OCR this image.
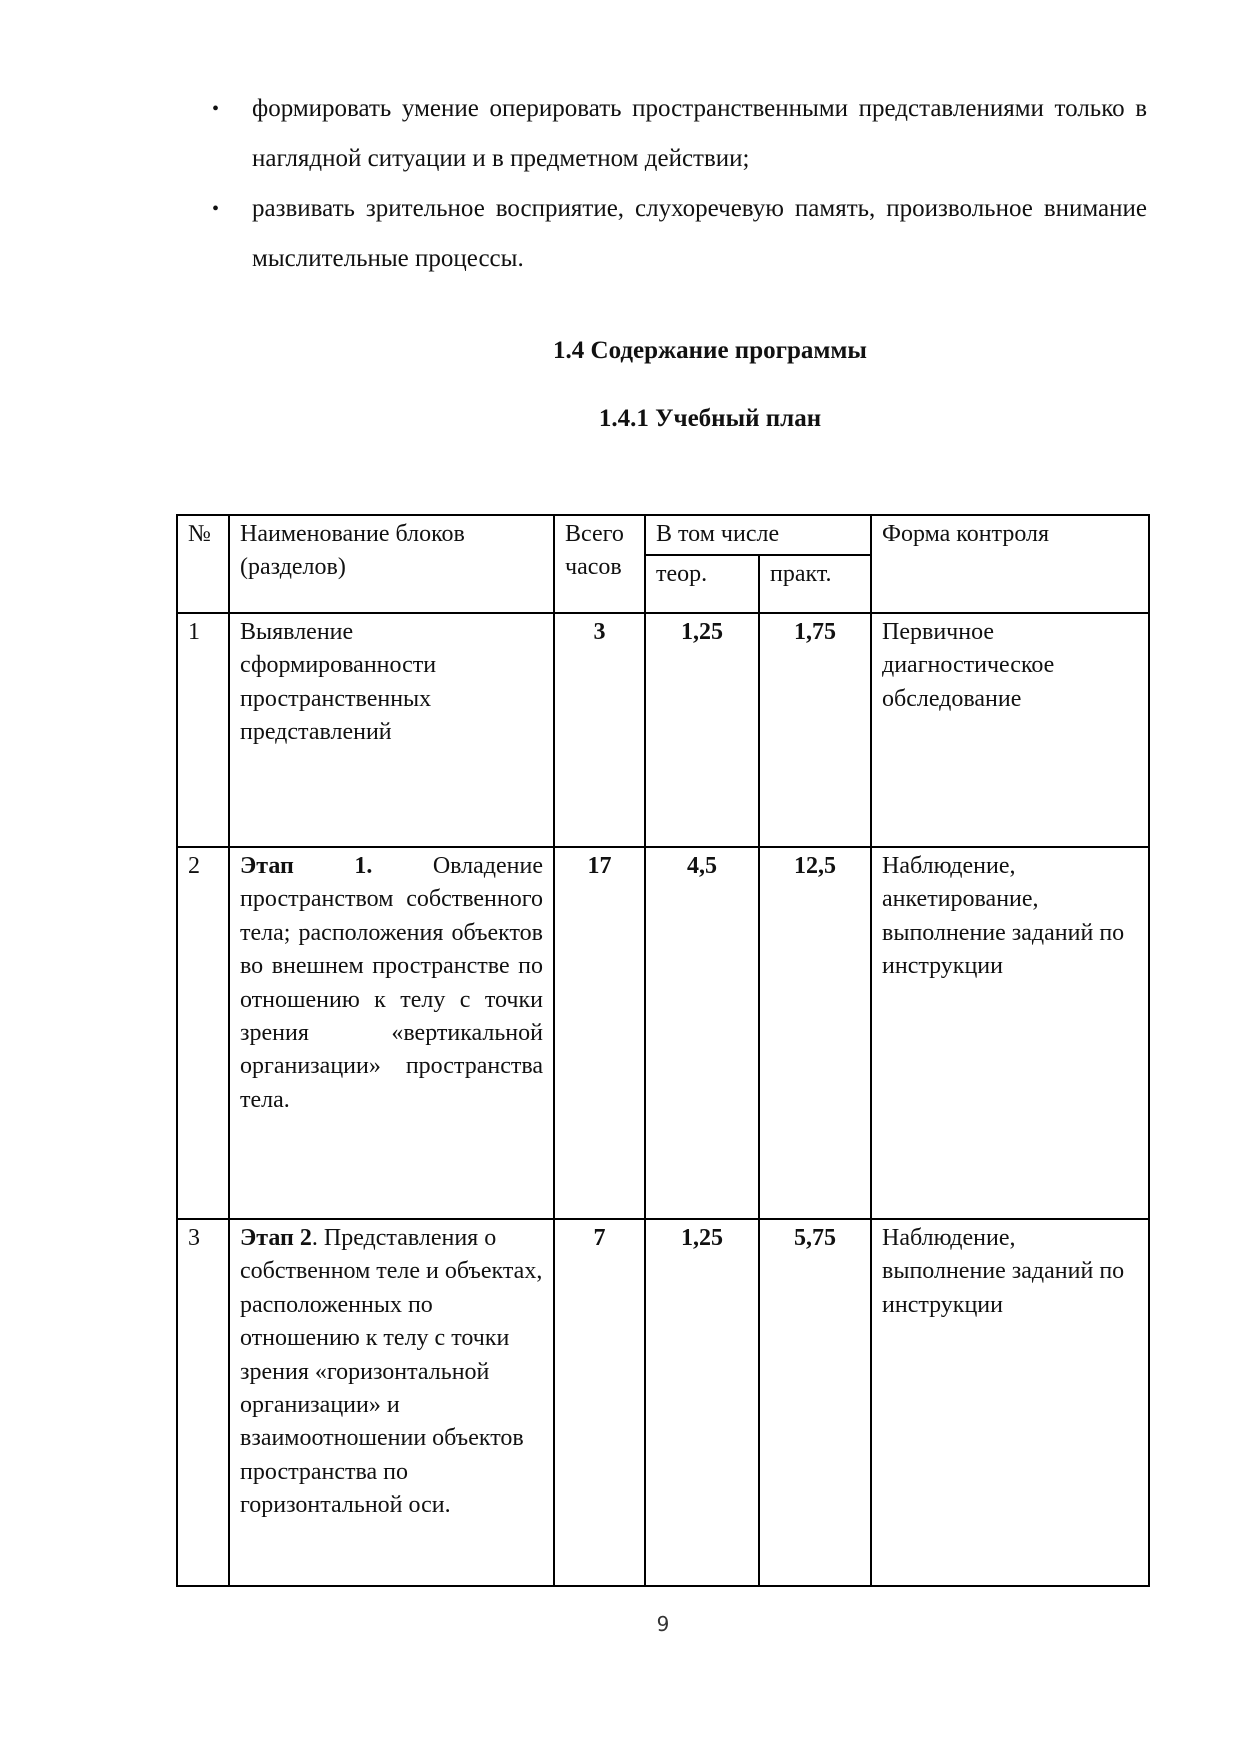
• формировать умение оперировать пространственными представлениями только в наглядной ситуации и в предметном действии;
• развивать зрительное восприятие, слухоречевую память, произвольное внимание мыслительные процессы.
1.4 Содержание программы
1.4.1 Учебный план
№	Наименование блоков (разделов)	Всего часов	В том числе		Форма контроля
			теор.	практ.	
1	Выявление сформированности пространственных представлений	3	1,25	1,75	Первичное диагностическое обследование
2	Этап 1. Овладение пространством собственного тела; расположения объектов во внешнем пространстве по отношению к телу с точки зрения «вертикальной организации» пространства тела.	17	4,5	12,5	Наблюдение, анкетирование, выполнение заданий по инструкции
3	Этап 2. Представления о собственном теле и объектах, расположенных по отношению к телу с точки зрения «горизонтальной организации» и взаимоотношении объектов пространства по горизонтальной оси.	7	1,25	5,75	Наблюдение, выполнение заданий по инструкции
9
